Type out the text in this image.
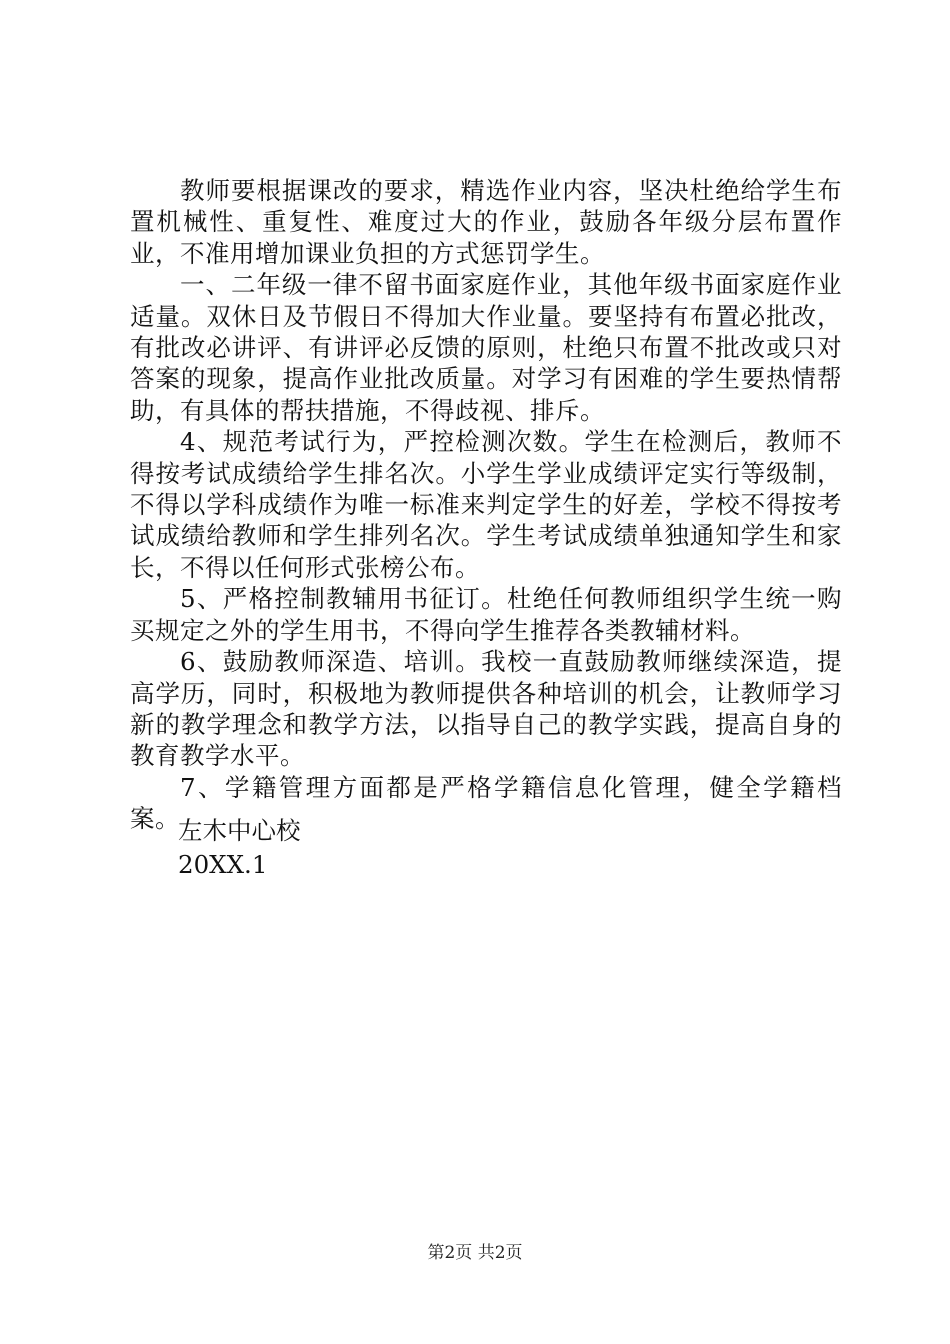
教师要根据课改的要求，精选作业内容，坚决杜绝给学生布置机械性、重复性、难度过大的作业，鼓励各年级分层布置作业，不准用增加课业负担的方式惩罚学生。

一、二年级一律不留书面家庭作业，其他年级书面家庭作业适量。双休日及节假日不得加大作业量。要坚持有布置必批改，有批改必讲评、有讲评必反馈的原则，杜绝只布置不批改或只对答案的现象，提高作业批改质量。对学习有困难的学生要热情帮助，有具体的帮扶措施，不得歧视、排斥。

4、规范考试行为，严控检测次数。学生在检测后，教师不得按考试成绩给学生排名次。小学生学业成绩评定实行等级制，不得以学科成绩作为唯一标准来判定学生的好差，学校不得按考试成绩给教师和学生排列名次。学生考试成绩单独通知学生和家长，不得以任何形式张榜公布。

5、严格控制教辅用书征订。杜绝任何教师组织学生统一购买规定之外的学生用书，不得向学生推荐各类教辅材料。

6、鼓励教师深造、培训。我校一直鼓励教师继续深造，提高学历，同时，积极地为教师提供各种培训的机会，让教师学习新的教学理念和教学方法，以指导自己的教学实践，提高自身的教育教学水平。

7、学籍管理方面都是严格学籍信息化管理，健全学籍档案。

左木中心校
20XX.1
第2页 共2页
